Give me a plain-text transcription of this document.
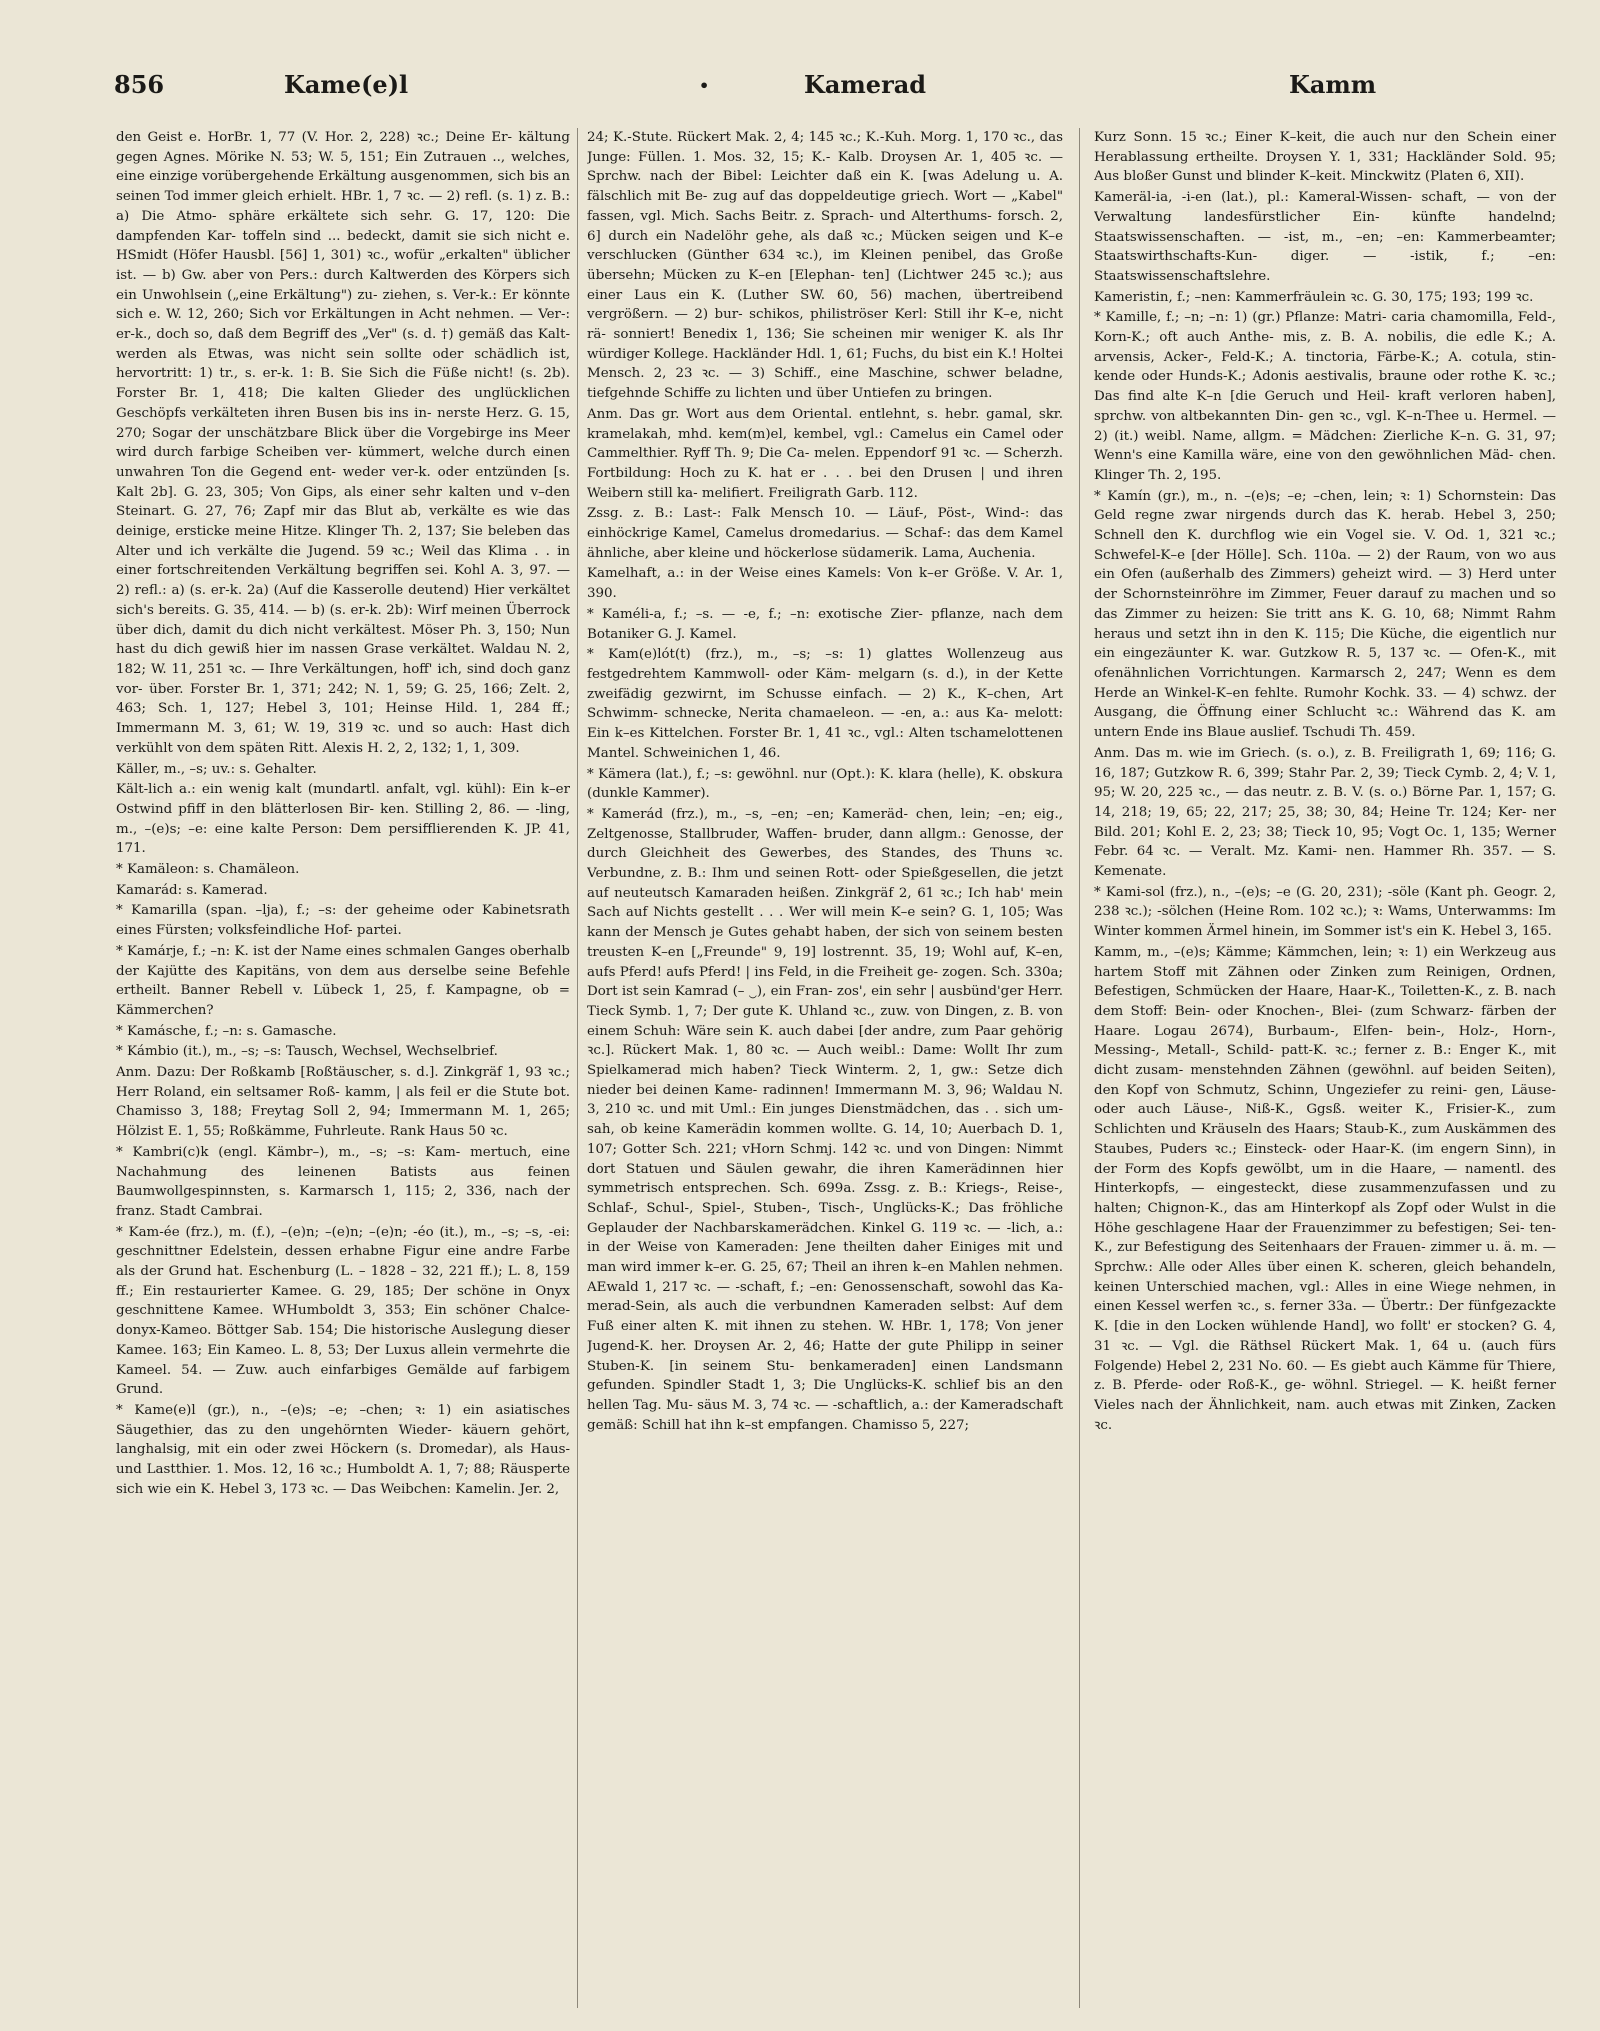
856	Kame(e)l	•	Kamerad	Kamm
den Geist e. HorBr. 1, 77 (V. Hor. 2, 228) ꝛc.; Deine Er- kältung gegen Agnes. Mörike N. 53; W. 5, 151; Ein Zutrauen .., welches, eine einzige vorübergehende Erkältung ausgenommen, sich bis an seinen Tod immer gleich erhielt. HBr. 1, 7 ꝛc. — 2) refl. (s. 1) z. B.: a) Die Atmo- sphäre erkältete sich sehr. G. 17, 120: Die dampfenden Kar- toffeln sind ... bedeckt, damit sie sich nicht e. HSmidt (Höfer Hausbl. [56] 1, 301) ꝛc., wofür „erkalten" üblicher ist. — b) Gw. aber von Pers.: durch Kaltwerden des Körpers sich ein Unwohlsein („eine Erkältung") zu- ziehen, s. Ver-k.: Er könnte sich e. W. 12, 260; Sich vor Erkältungen in Acht nehmen. — Ver-: er-k., doch so, daß dem Begriff des „Ver" (s. d. †) gemäß das Kalt- werden als Etwas, was nicht sein sollte oder schädlich ist, hervortritt: 1) tr., s. er-k. 1: B. Sie Sich die Füße nicht! (s. 2b). Forster Br. 1, 418; Die kalten Glieder des unglücklichen Geschöpfs verkälteten ihren Busen bis ins in- nerste Herz. G. 15, 270; Sogar der unschätzbare Blick über die Vorgebirge ins Meer wird durch farbige Scheiben ver- kümmert, welche durch einen unwahren Ton die Gegend ent- weder ver-k. oder entzünden [s. Kalt 2b]. G. 23, 305; Von Gips, als einer sehr kalten und v–den Steinart. G. 27, 76; Zapf mir das Blut ab, verkälte es wie das deinige, ersticke meine Hitze. Klinger Th. 2, 137; Sie beleben das Alter und ich verkälte die Jugend. 59 ꝛc.; Weil das Klima . . in einer fortschreitenden Verkältung begriffen sei. Kohl A. 3, 97. — 2) refl.: a) (s. er-k. 2a) (Auf die Kasserolle deutend) Hier verkältet sich's bereits. G. 35, 414. — b) (s. er-k. 2b): Wirf meinen Überrock über dich, damit du dich nicht verkältest. Möser Ph. 3, 150; Nun hast du dich gewiß hier im nassen Grase verkältet. Waldau N. 2, 182; W. 11, 251 ꝛc. — Ihre Verkältungen, hoff' ich, sind doch ganz vor- über. Forster Br. 1, 371; 242; N. 1, 59; G. 25, 166; Zelt. 2, 463; Sch. 1, 127; Hebel 3, 101; Heinse Hild. 1, 284 ff.; Immermann M. 3, 61; W. 19, 319 ꝛc. und so auch: Hast dich verkühlt von dem späten Ritt. Alexis H. 2, 2, 132; 1, 1, 309.
Käller, m., –s; uv.: s. Gehalter.
Kält-lich a.: ein wenig kalt (mundartl. anfalt, vgl. kühl): Ein k–er Ostwind pfiff in den blätterlosen Bir- ken. Stilling 2, 86. — -ling, m., –(e)s; –e: eine kalte Person: Dem persifflierenden K. JP. 41, 171.
* Kamäleon: s. Chamäleon.
Kamarád: s. Kamerad.
* Kamarilla (span. –lja), f.; –s: der geheime oder Kabinetsrath eines Fürsten; volksfeindliche Hof- partei.
* Kamárje, f.; –n: K. ist der Name eines schmalen Ganges oberhalb der Kajütte des Kapitäns, von dem aus derselbe seine Befehle ertheilt. Banner Rebell v. Lübeck 1, 25, f. Kampagne, ob = Kämmerchen?
* Kamásche, f.; –n: s. Gamasche.
* Kámbio (it.), m., –s; –s: Tausch, Wechsel, Wechselbrief.
Anm. Dazu: Der Roßkamb [Roßtäuscher, s. d.]. Zinkgräf 1, 93 ꝛc.; Herr Roland, ein seltsamer Roß- kamm, | als feil er die Stute bot. Chamisso 3, 188; Freytag Soll 2, 94; Immermann M. 1, 265; Hölzist E. 1, 55; Roßkämme, Fuhrleute. Rank Haus 50 ꝛc.
* Kambri(c)k (engl. Kämbr–), m., –s; –s: Kam- mertuch, eine Nachahmung des leinenen Batists aus feinen Baumwollgespinnsten, s. Karmarsch 1, 115; 2, 336, nach der franz. Stadt Cambrai.
* Kam-ée (frz.), m. (f.), –(e)n; –(e)n; –(e)n; -éo (it.), m., –s; –s, -ei: geschnittner Edelstein, dessen erhabne Figur eine andre Farbe als der Grund hat. Eschenburg (L. – 1828 – 32, 221 ff.); L. 8, 159 ff.; Ein restaurierter Kamee. G. 29, 185; Der schöne in Onyx geschnittene Kamee. WHumboldt 3, 353; Ein schöner Chalce- donyx-Kameo. Böttger Sab. 154; Die historische Auslegung dieser Kamee. 163; Ein Kameo. L. 8, 53; Der Luxus allein vermehrte die Kameel. 54. — Zuw. auch einfarbiges Gemälde auf farbigem Grund.
* Kame(e)l (gr.), n., –(e)s; –e; –chen; ꝛ: 1) ein asiatisches Säugethier, das zu den ungehörnten Wieder- käuern gehört, langhalsig, mit ein oder zwei Höckern (s. Dromedar), als Haus- und Lastthier. 1. Mos. 12, 16 ꝛc.; Humboldt A. 1, 7; 88; Räusperte sich wie ein K. Hebel 3, 173 ꝛc. — Das Weibchen: Kamelin. Jer. 2,
24; K.-Stute. Rückert Mak. 2, 4; 145 ꝛc.; K.-Kuh. Morg. 1, 170 ꝛc., das Junge: Füllen. 1. Mos. 32, 15; K.- Kalb. Droysen Ar. 1, 405 ꝛc. — Sprchw. nach der Bibel: Leichter daß ein K. [was Adelung u. A. fälschlich mit Be- zug auf das doppeldeutige griech. Wort — „Kabel" fassen, vgl. Mich. Sachs Beitr. z. Sprach- und Alterthums- forsch. 2, 6] durch ein Nadelöhr gehe, als daß ꝛc.; Mücken seigen und K–e verschlucken (Günther 634 ꝛc.), im Kleinen penibel, das Große übersehn; Mücken zu K–en [Elephan- ten] (Lichtwer 245 ꝛc.); aus einer Laus ein K. (Luther SW. 60, 56) machen, übertreibend vergrößern. — 2) bur- schikos, philiströser Kerl: Still ihr K–e, nicht rä- sonniert! Benedix 1, 136; Sie scheinen mir weniger K. als Ihr würdiger Kollege. Hackländer Hdl. 1, 61; Fuchs, du bist ein K.! Holtei Mensch. 2, 23 ꝛc. — 3) Schiff., eine Maschine, schwer beladne, tiefgehnde Schiffe zu lichten und über Untiefen zu bringen.
Anm. Das gr. Wort aus dem Oriental. entlehnt, s. hebr. gamal, skr. kramelakah, mhd. kem(m)el, kembel, vgl.: Camelus ein Camel oder Cammelthier. Ryff Th. 9; Die Ca- melen. Eppendorf 91 ꝛc. — Scherzh. Fortbildung: Hoch zu K. hat er . . . bei den Drusen | und ihren Weibern still ka- melifiert. Freiligrath Garb. 112.
Zssg. z. B.: Last-: Falk Mensch 10. — Läuf-, Pöst-, Wind-: das einhöckrige Kamel, Camelus dromedarius. — Schaf-: das dem Kamel ähnliche, aber kleine und höckerlose südamerik. Lama, Auchenia.
Kamelhaft, a.: in der Weise eines Kamels: Von k–er Größe. V. Ar. 1, 390.
* Kaméli-a, f.; –s. — -e, f.; –n: exotische Zier- pflanze, nach dem Botaniker G. J. Kamel.
* Kam(e)lót(t) (frz.), m., –s; –s: 1) glattes Wollenzeug aus festgedrehtem Kammwoll- oder Käm- melgarn (s. d.), in der Kette zweifädig gezwirnt, im Schusse einfach. — 2) K., K–chen, Art Schwimm- schnecke, Nerita chamaeleon. — -en, a.: aus Ka- melott: Ein k–es Kittelchen. Forster Br. 1, 41 ꝛc., vgl.: Alten tschamelottenen Mantel. Schweinichen 1, 46.
* Kämera (lat.), f.; –s: gewöhnl. nur (Opt.): K. klara (helle), K. obskura (dunkle Kammer).
* Kamerád (frz.), m., –s, –en; –en; Kameräd- chen, lein; –en; eig., Zeltgenosse, Stallbruder, Waffen- bruder, dann allgm.: Genosse, der durch Gleichheit des Gewerbes, des Standes, des Thuns ꝛc. Verbundne, z. B.: Ihm und seinen Rott- oder Spießgesellen, die jetzt auf neuteutsch Kamaraden heißen. Zinkgräf 2, 61 ꝛc.; Ich hab' mein Sach auf Nichts gestellt . . . Wer will mein K–e sein? G. 1, 105; Was kann der Mensch je Gutes gehabt haben, der sich von seinem besten treusten K–en [„Freunde" 9, 19] lostrennt. 35, 19; Wohl auf, K–en, aufs Pferd! aufs Pferd! | ins Feld, in die Freiheit ge- zogen. Sch. 330a; Dort ist sein Kamrad (– ‿), ein Fran- zos', ein sehr | ausbünd'ger Herr. Tieck Symb. 1, 7; Der gute K. Uhland ꝛc., zuw. von Dingen, z. B. von einem Schuh: Wäre sein K. auch dabei [der andre, zum Paar gehörig ꝛc.]. Rückert Mak. 1, 80 ꝛc. — Auch weibl.: Dame: Wollt Ihr zum Spielkamerad mich haben? Tieck Winterm. 2, 1, gw.: Setze dich nieder bei deinen Kame- radinnen! Immermann M. 3, 96; Waldau N. 3, 210 ꝛc. und mit Uml.: Ein junges Dienstmädchen, das . . sich um- sah, ob keine Kamerädin kommen wollte. G. 14, 10; Auerbach D. 1, 107; Gotter Sch. 221; vHorn Schmj. 142 ꝛc. und von Dingen: Nimmt dort Statuen und Säulen gewahr, die ihren Kamerädinnen hier symmetrisch entsprechen. Sch. 699a. Zssg. z. B.: Kriegs-, Reise-, Schlaf-, Schul-, Spiel-, Stuben-, Tisch-, Unglücks-K.; Das fröhliche Geplauder der Nachbarskamerädchen. Kinkel G. 119 ꝛc. — -lich, a.: in der Weise von Kameraden: Jene theilten daher Einiges mit und man wird immer k–er. G. 25, 67; Theil an ihren k–en Mahlen nehmen. AEwald 1, 217 ꝛc. — -schaft, f.; –en: Genossenschaft, sowohl das Ka- merad-Sein, als auch die verbundnen Kameraden selbst: Auf dem Fuß einer alten K. mit ihnen zu stehen. W. HBr. 1, 178; Von jener Jugend-K. her. Droysen Ar. 2, 46; Hatte der gute Philipp in seiner Stuben-K. [in seinem Stu- benkameraden] einen Landsmann gefunden. Spindler Stadt 1, 3; Die Unglücks-K. schlief bis an den hellen Tag. Mu- säus M. 3, 74 ꝛc. — -schaftlich, a.: der Kameradschaft gemäß: Schill hat ihn k–st empfangen. Chamisso 5, 227;
Kurz Sonn. 15 ꝛc.; Einer K–keit, die auch nur den Schein einer Herablassung ertheilte. Droysen Y. 1, 331; Hackländer Sold. 95; Aus bloßer Gunst und blinder K–keit. Minckwitz (Platen 6, XII).
Kameräl-ia, -i-en (lat.), pl.: Kameral-Wissen- schaft, — von der Verwaltung landesfürstlicher Ein- künfte handelnd; Staatswissenschaften. — -ist, m., –en; –en: Kammerbeamter; Staatswirthschafts-Kun- diger. — -istik, f.; –en: Staatswissenschaftslehre.
Kameristin, f.; –nen: Kammerfräulein ꝛc. G. 30, 175; 193; 199 ꝛc.
* Kamille, f.; –n; –n: 1) (gr.) Pflanze: Matri- caria chamomilla, Feld-, Korn-K.; oft auch Anthe- mis, z. B. A. nobilis, die edle K.; A. arvensis, Acker-, Feld-K.; A. tinctoria, Färbe-K.; A. cotula, stin- kende oder Hunds-K.; Adonis aestivalis, braune oder rothe K. ꝛc.; Das find alte K–n [die Geruch und Heil- kraft verloren haben], sprchw. von altbekannten Din- gen ꝛc., vgl. K–n-Thee u. Hermel. — 2) (it.) weibl. Name, allgm. = Mädchen: Zierliche K–n. G. 31, 97; Wenn's eine Kamilla wäre, eine von den gewöhnlichen Mäd- chen. Klinger Th. 2, 195.
* Kamín (gr.), m., n. –(e)s; –e; –chen, lein; ꝛ: 1) Schornstein: Das Geld regne zwar nirgends durch das K. herab. Hebel 3, 250; Schnell den K. durchflog wie ein Vogel sie. V. Od. 1, 321 ꝛc.; Schwefel-K–e [der Hölle]. Sch. 110a. — 2) der Raum, von wo aus ein Ofen (außerhalb des Zimmers) geheizt wird. — 3) Herd unter der Schornsteinröhre im Zimmer, Feuer darauf zu machen und so das Zimmer zu heizen: Sie tritt ans K. G. 10, 68; Nimmt Rahm heraus und setzt ihn in den K. 115; Die Küche, die eigentlich nur ein eingezäunter K. war. Gutzkow R. 5, 137 ꝛc. — Ofen-K., mit ofenähnlichen Vorrichtungen. Karmarsch 2, 247; Wenn es dem Herde an Winkel-K–en fehlte. Rumohr Kochk. 33. — 4) schwz. der Ausgang, die Öffnung einer Schlucht ꝛc.: Während das K. am untern Ende ins Blaue auslief. Tschudi Th. 459.
Anm. Das m. wie im Griech. (s. o.), z. B. Freiligrath 1, 69; 116; G. 16, 187; Gutzkow R. 6, 399; Stahr Par. 2, 39; Tieck Cymb. 2, 4; V. 1, 95; W. 20, 225 ꝛc., — das neutr. z. B. V. (s. o.) Börne Par. 1, 157; G. 14, 218; 19, 65; 22, 217; 25, 38; 30, 84; Heine Tr. 124; Ker- ner Bild. 201; Kohl E. 2, 23; 38; Tieck 10, 95; Vogt Oc. 1, 135; Werner Febr. 64 ꝛc. — Veralt. Mz. Kami- nen. Hammer Rh. 357. — S. Kemenate.
* Kami-sol (frz.), n., –(e)s; –e (G. 20, 231); -söle (Kant ph. Geogr. 2, 238 ꝛc.); -sölchen (Heine Rom. 102 ꝛc.); ꝛ: Wams, Unterwamms: Im Winter kommen Ärmel hinein, im Sommer ist's ein K. Hebel 3, 165.
Kamm, m., –(e)s; Kämme; Kämmchen, lein; ꝛ: 1) ein Werkzeug aus hartem Stoff mit Zähnen oder Zinken zum Reinigen, Ordnen, Befestigen, Schmücken der Haare, Haar-K., Toiletten-K., z. B. nach dem Stoff: Bein- oder Knochen-, Blei- (zum Schwarz- färben der Haare. Logau 2674), Burbaum-, Elfen- bein-, Holz-, Horn-, Messing-, Metall-, Schild- patt-K. ꝛc.; ferner z. B.: Enger K., mit dicht zusam- menstehnden Zähnen (gewöhnl. auf beiden Seiten), den Kopf von Schmutz, Schinn, Ungeziefer zu reini- gen, Läuse- oder auch Läuse-, Niß-K., Ggsß. weiter K., Frisier-K., zum Schlichten und Kräuseln des Haars; Staub-K., zum Auskämmen des Staubes, Puders ꝛc.; Einsteck- oder Haar-K. (im engern Sinn), in der Form des Kopfs gewölbt, um in die Haare, — namentl. des Hinterkopfs, — eingesteckt, diese zusammenzufassen und zu halten; Chignon-K., das am Hinterkopf als Zopf oder Wulst in die Höhe geschlagene Haar der Frauenzimmer zu befestigen; Sei- ten-K., zur Befestigung des Seitenhaars der Frauen- zimmer u. ä. m. — Sprchw.: Alle oder Alles über einen K. scheren, gleich behandeln, keinen Unterschied machen, vgl.: Alles in eine Wiege nehmen, in einen Kessel werfen ꝛc., s. ferner 33a. — Übertr.: Der fünfgezackte K. [die in den Locken wühlende Hand], wo follt' er stocken? G. 4, 31 ꝛc. — Vgl. die Räthsel Rückert Mak. 1, 64 u. (auch fürs Folgende) Hebel 2, 231 No. 60. — Es giebt auch Kämme für Thiere, z. B. Pferde- oder Roß-K., ge- wöhnl. Striegel. — K. heißt ferner Vieles nach der Ähnlichkeit, nam. auch etwas mit Zinken, Zacken ꝛc.
